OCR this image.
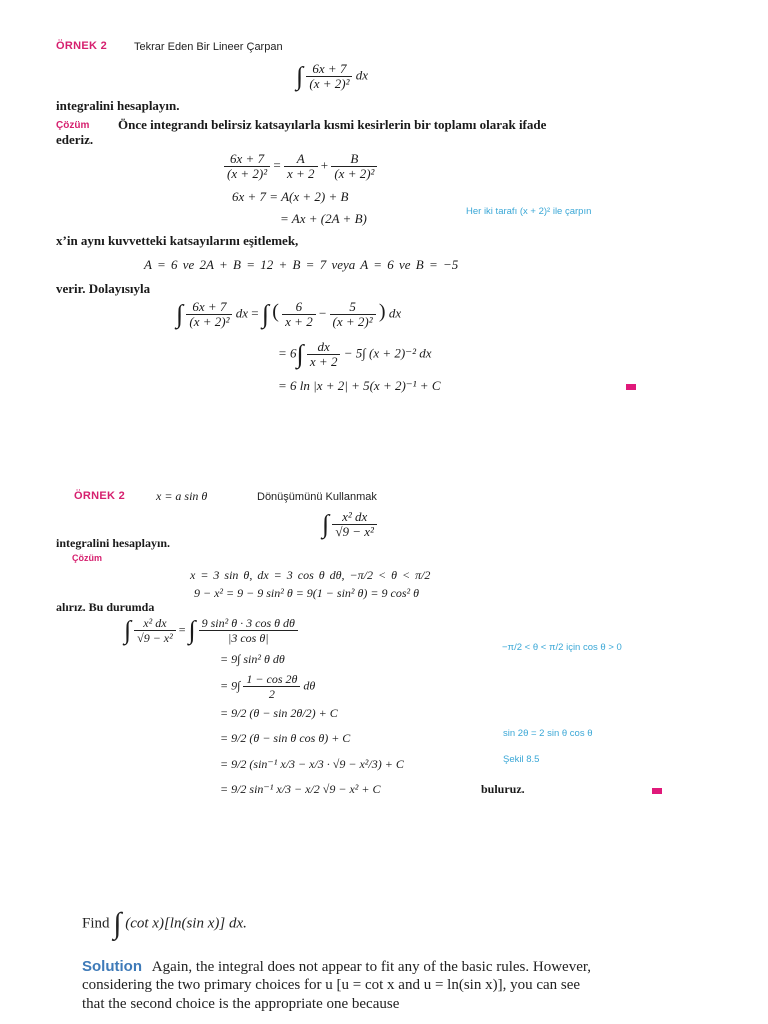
ÖRNEK 2 Tekrar Eden Bir Lineer Çarpan
∫ $\frac{6x + 7}{\text{(x + 2)²}}$ dx
integralini hesaplayın.
Çözüm Önce integrandı belirsiz katsayılarla kısmi kesirlerin bir toplamı olarak ifade
ederiz.
$\frac{6x + 7}{\text{(x + 2)²}} = \frac{A}{x + 2} + \frac{B}{\text{(x + 2)²}}$
6x + 7 = A(x + 2) + B
= Ax + (2A + B)	Her iki tarafı (x + 2)² ile çarpın
x’in aynı kuvvetteki katsayılarını eşitlemek,
A = 6 ve 2A + B = 12 + B = 7 veya A = 6 ve B = −5
verir. Dolayısıyla
∫ $\frac{6x + 7}{\text{(x + 2)²}}$ dx = ∫ ( $\frac{6}{x + 2} - \frac{5}{\text{(x + 2)²}}$ ) dx
= $6\int \frac{dx}{x + 2} - 5\int$ (x + 2)⁻² dx
= 6 ln |x + 2| + 5(x + 2)⁻¹ + C
ÖRNEK 2	x = a sin θ	Dönüşümünü Kullanmak
∫ $\frac{\text{x² dx}}{\text{√9 − x²}}$
integralini hesaplayın.
Çözüm
x = 3 sin θ, dx = 3 cos θ dθ, −π/2 < θ < π/2
9 − x² = 9 − 9 sin² θ = 9(1 − sin² θ) = 9 cos² θ
alırız. Bu durumda
∫ $\frac{\text{x² dx}}{\text{√9 − x²}}$ = ∫ $\frac{\text{9 sin² θ · 3 cos θ dθ}}{\text{|3 cos θ|}}$
−π/2 < θ < π/2 için cos θ > 0
= 9∫ sin² θ dθ
= $9\int \frac{1 - \cos 2\theta}{2}$ dθ
= 9/2 (θ − sin 2θ/2) + C
= 9/2 (θ − sin θ cos θ) + C	sin 2θ = 2 sin θ cos θ
= 9/2 (sin⁻¹ x/3 − x/3 · √9 − x²/3) + C	Şekil 8.5
= 9/2 sin⁻¹ x/3 − x/2 √9 − x² + C	buluruz.
Find ∫ (cot x)[ln(sin x)] dx.
Solution Again, the integral does not appear to fit any of the basic rules. However,
considering the two primary choices for u [u = cot x and u = ln(sin x)], you can see
that the second choice is the appropriate one because
